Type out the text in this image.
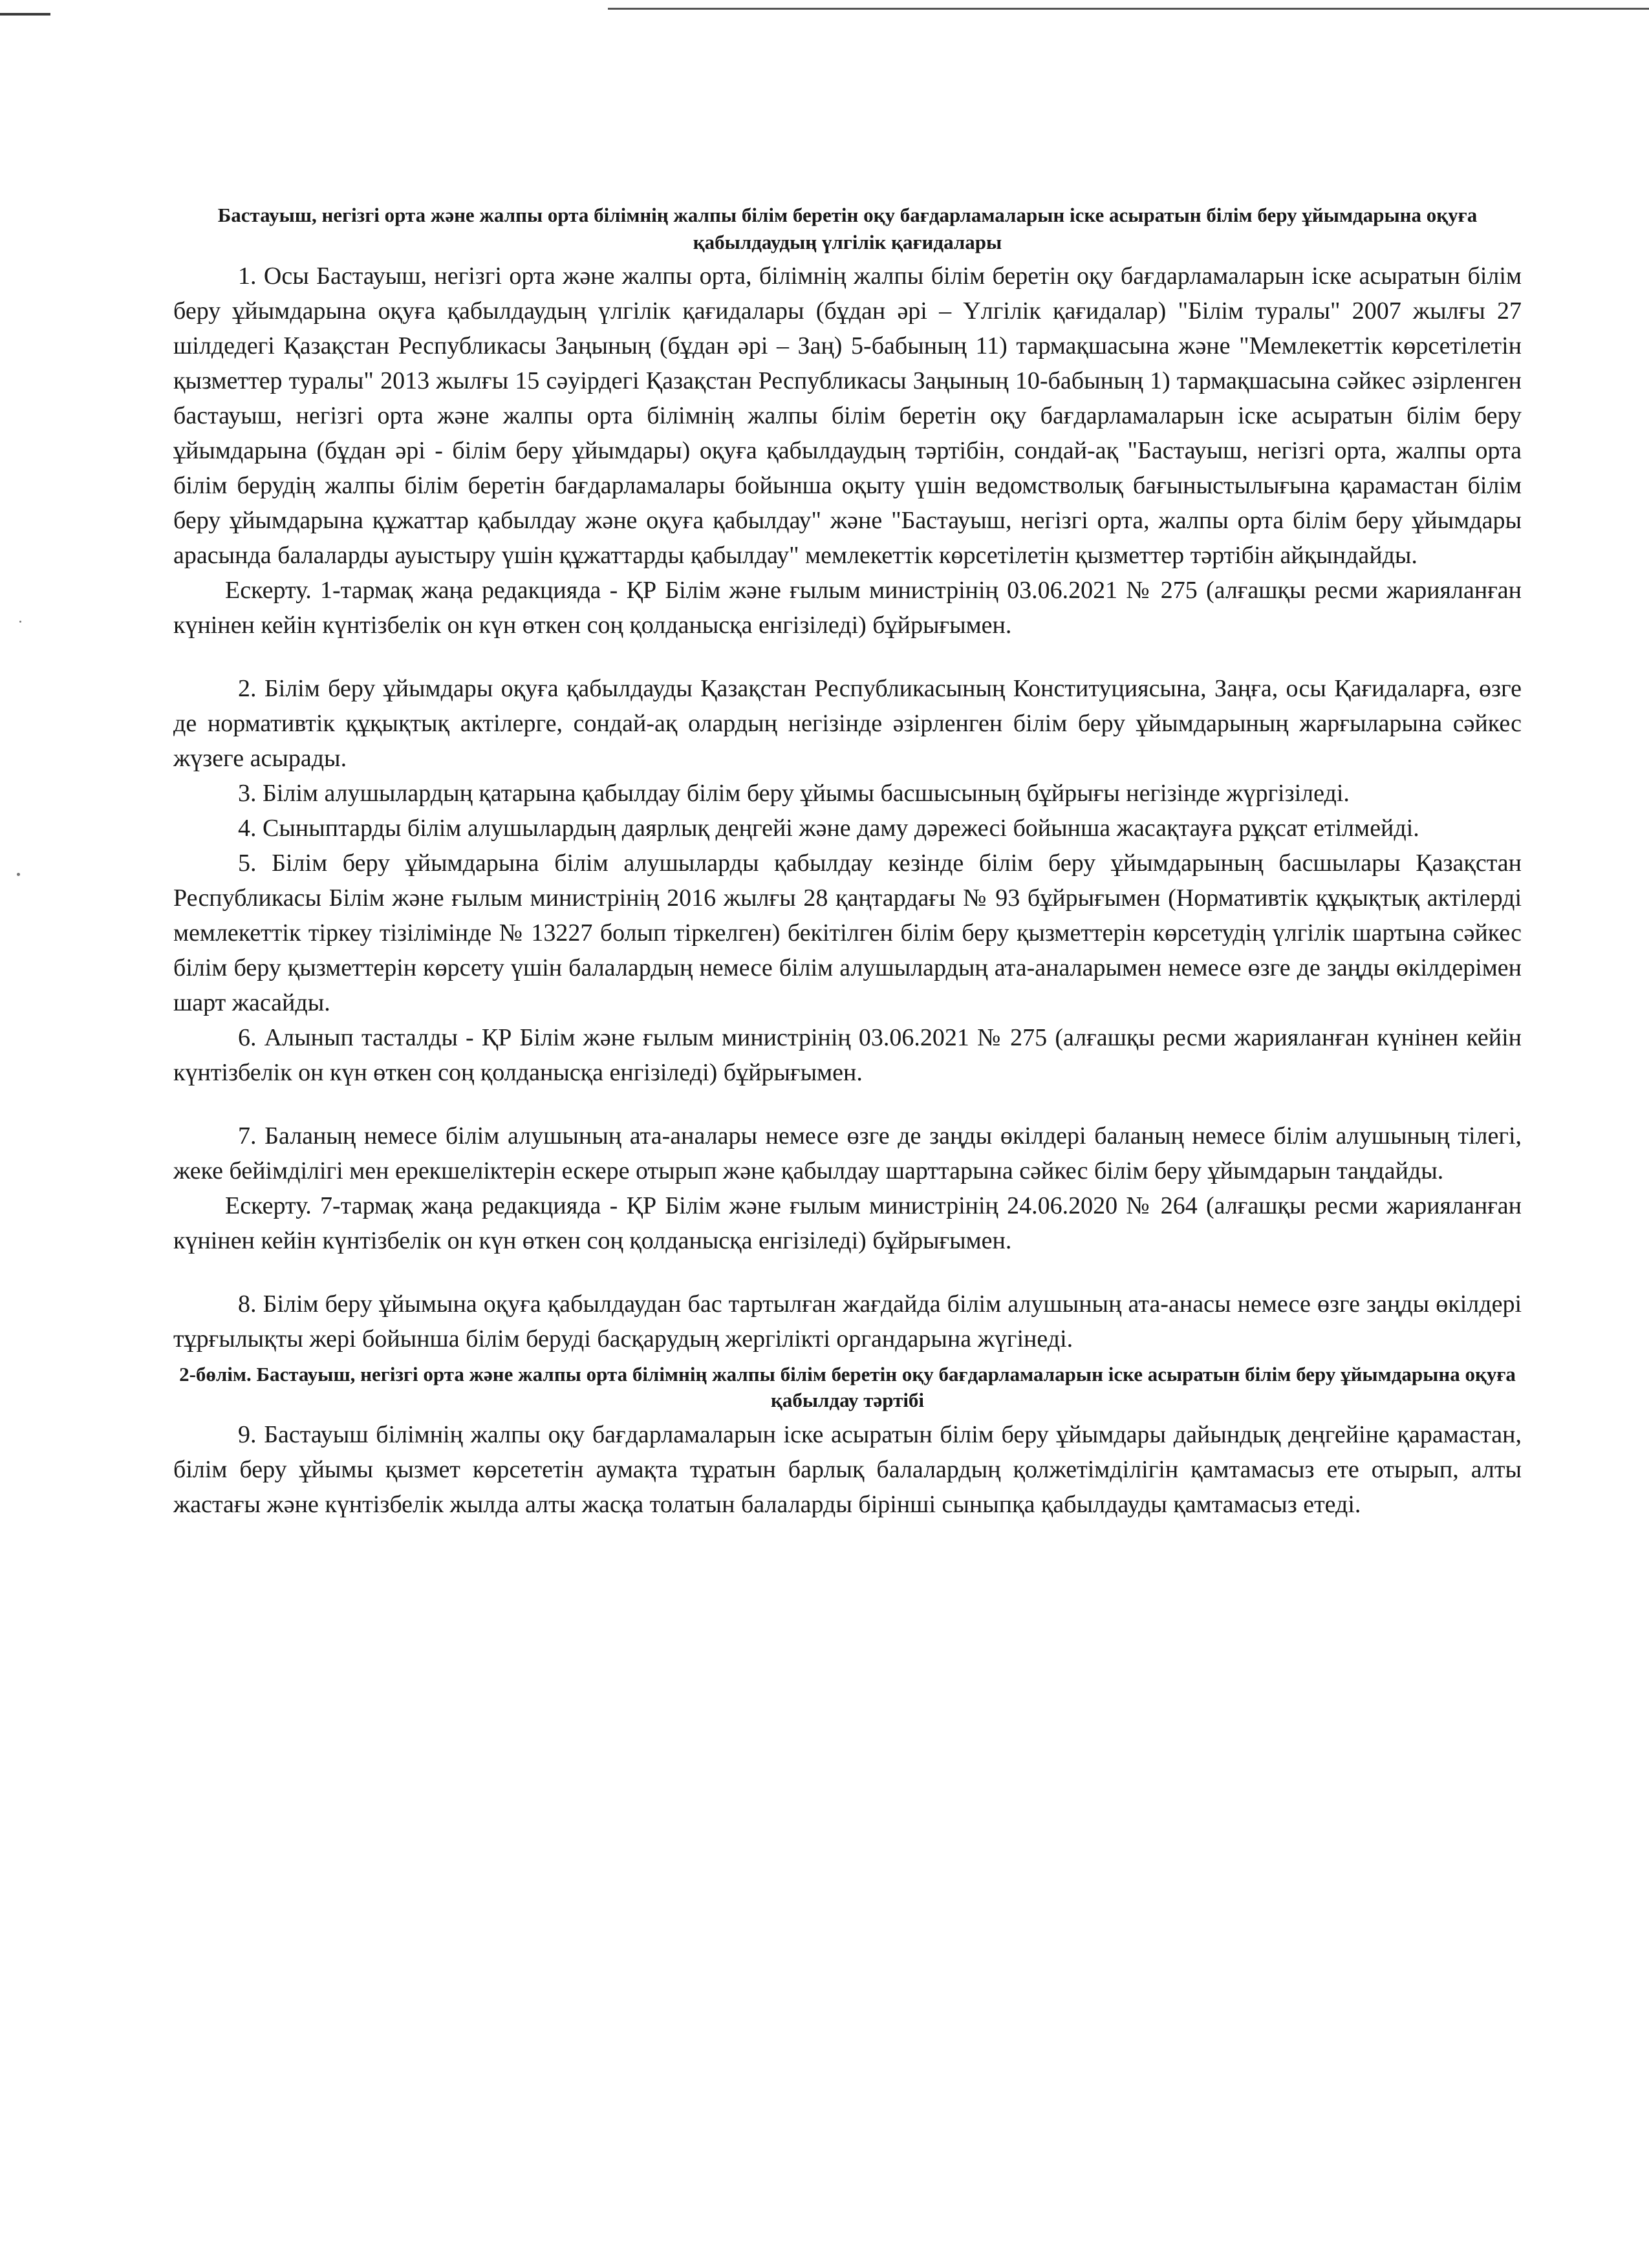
Бастауыш, негізгі орта және жалпы орта білімнің жалпы білім беретін оқу бағдарламаларын іске асыратын білім беру ұйымдарына оқуға қабылдаудың үлгілік қағидалары

1. Осы Бастауыш, негізгі орта және жалпы орта, білімнің жалпы білім беретін оқу бағдарламаларын іске асыратын білім беру ұйымдарына оқуға қабылдаудың үлгілік қағидалары (бұдан әрі – Үлгілік қағидалар) "Білім туралы" 2007 жылғы 27 шілдедегі Қазақстан Республикасы Заңының (бұдан әрі – Заң) 5-бабының 11) тармақшасына және "Мемлекеттік көрсетілетін қызметтер туралы" 2013 жылғы 15 сәуірдегі Қазақстан Республикасы Заңының 10-бабының 1) тармақшасына сәйкес әзірленген бастауыш, негізгі орта және жалпы орта білімнің жалпы білім беретін оқу бағдарламаларын іске асыратын білім беру ұйымдарына (бұдан әрі - білім беру ұйымдары) оқуға қабылдаудың тәртібін, сондай-ақ "Бастауыш, негізгі орта, жалпы орта білім берудің жалпы білім беретін бағдарламалары бойынша оқыту үшін ведомстволық бағыныстылығына қарамастан білім беру ұйымдарына құжаттар қабылдау және оқуға қабылдау" және "Бастауыш, негізгі орта, жалпы орта білім беру ұйымдары арасында балаларды ауыстыру үшін құжаттарды қабылдау" мемлекеттік көрсетілетін қызметтер тәртібін айқындайды.

Ескерту. 1-тармақ жаңа редакцияда - ҚР Білім және ғылым министрінің 03.06.2021 № 275 (алғашқы ресми жарияланған күнінен кейін күнтізбелік он күн өткен соң қолданысқа енгізіледі) бұйрығымен.

2. Білім беру ұйымдары оқуға қабылдауды Қазақстан Республикасының Конституциясына, Заңға, осы Қағидаларға, өзге де нормативтік құқықтық актілерге, сондай-ақ олардың негізінде әзірленген білім беру ұйымдарының жарғыларына сәйкес жүзеге асырады.

3. Білім алушылардың қатарына қабылдау білім беру ұйымы басшысының бұйрығы негізінде жүргізіледі.

4. Сыныптарды білім алушылардың даярлық деңгейі және даму дәрежесі бойынша жасақтауға рұқсат етілмейді.

5. Білім беру ұйымдарына білім алушыларды қабылдау кезінде білім беру ұйымдарының басшылары Қазақстан Республикасы Білім және ғылым министрінің 2016 жылғы 28 қаңтардағы № 93 бұйрығымен (Нормативтік құқықтық актілерді мемлекеттік тіркеу тізілімінде № 13227 болып тіркелген) бекітілген білім беру қызметтерін көрсетудің үлгілік шартына сәйкес білім беру қызметтерін көрсету үшін балалардың немесе білім алушылардың ата-аналарымен немесе өзге де заңды өкілдерімен шарт жасайды.

6. Алынып тасталды - ҚР Білім және ғылым министрінің 03.06.2021 № 275 (алғашқы ресми жарияланған күнінен кейін күнтізбелік он күн өткен соң қолданысқа енгізіледі) бұйрығымен.

7. Баланың немесе білім алушының ата-аналары немесе өзге де заңды өкілдері баланың немесе білім алушының тілегі, жеке бейімділігі мен ерекшеліктерін ескере отырып және қабылдау шарттарына сәйкес білім беру ұйымдарын таңдайды.

Ескерту. 7-тармақ жаңа редакцияда - ҚР Білім және ғылым министрінің 24.06.2020 № 264 (алғашқы ресми жарияланған күнінен кейін күнтізбелік он күн өткен соң қолданысқа енгізіледі) бұйрығымен.

8. Білім беру ұйымына оқуға қабылдаудан бас тартылған жағдайда білім алушының ата-анасы немесе өзге заңды өкілдері тұрғылықты жері бойынша білім беруді басқарудың жергілікті органдарына жүгінеді.

2-бөлім. Бастауыш, негізгі орта және жалпы орта білімнің жалпы білім беретін оқу бағдарламаларын іске асыратын білім беру ұйымдарына оқуға қабылдау тәртібі

9. Бастауыш білімнің жалпы оқу бағдарламаларын іске асыратын білім беру ұйымдары дайындық деңгейіне қарамастан, білім беру ұйымы қызмет көрсететін аумақта тұратын барлық балалардың қолжетімділігін қамтамасыз ете отырып, алты жастағы және күнтізбелік жылда алты жасқа толатын балаларды бірінші сыныпқа қабылдауды қамтамасыз етеді.
